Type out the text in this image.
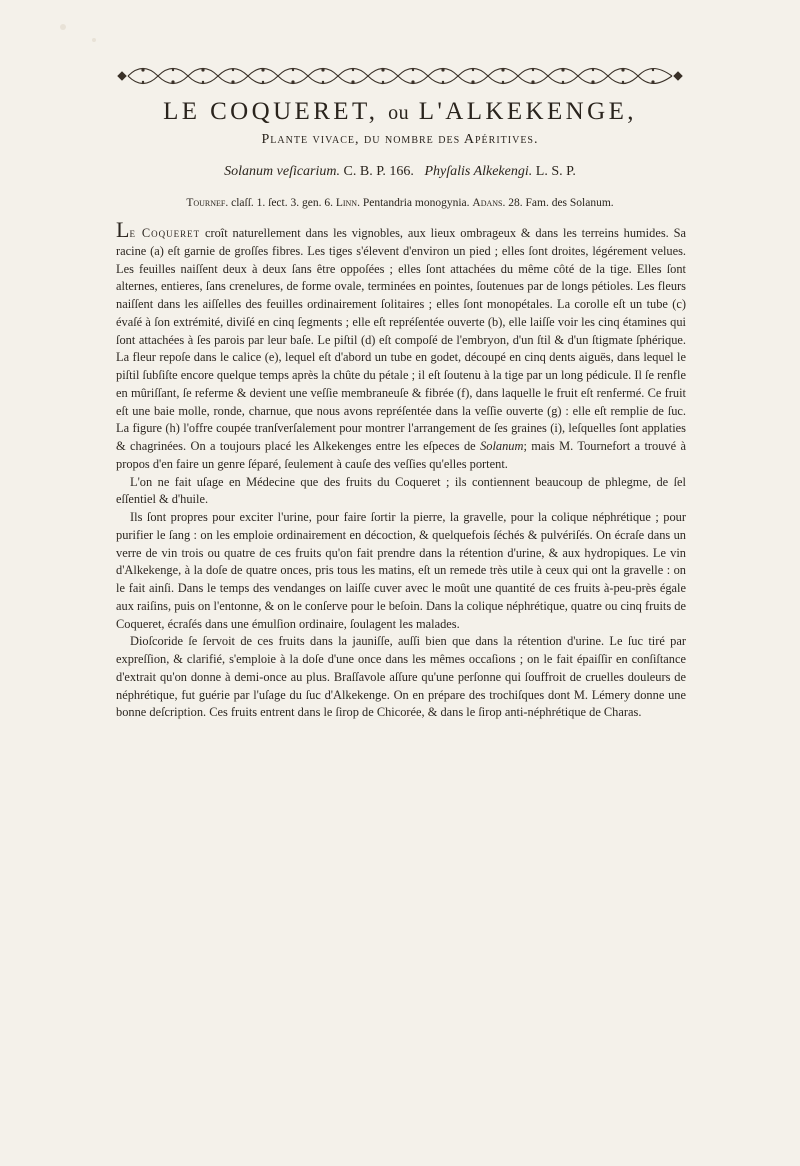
LE COQUERET, ou L'ALKEKENGE,
Plante vivace, du nombre des Apéritives.
Solanum veſicarium. C. B. P. 166. Phyſalis Alkekengi. L. S. P.
Tournef. claſſ. 1. ſect. 3. gen. 6. Linn. Pentandria monogynia. Adans. 28. Fam. des Solanum.

Le Coqueret croît naturellement dans les vignobles, aux lieux ombrageux & dans les terreins humides. Sa racine (a) eſt garnie de groſſes fibres. Les tiges s'élevent d'environ un pied ; elles ſont droites, légérement velues. Les feuilles naiſſent deux à deux ſans être oppoſées ; elles ſont attachées du même côté de la tige. Elles ſont alternes, entieres, ſans crenelures, de forme ovale, terminées en pointes, ſoutenues par de longs pétioles. Les fleurs naiſſent dans les aiſſelles des feuilles ordinairement ſolitaires ; elles ſont monopétales. La corolle eſt un tube (c) évaſé à ſon extrémité, diviſé en cinq ſegments ; elle eſt repréſentée ouverte (b), elle laiſſe voir les cinq étamines qui ſont attachées à ſes parois par leur baſe. Le piſtil (d) eſt compoſé de l'embryon, d'un ſtil & d'un ſtigmate ſphérique. La fleur repoſe dans le calice (e), lequel eſt d'abord un tube en godet, découpé en cinq dents aiguës, dans lequel le piſtil ſubſiſte encore quelque temps après la chûte du pétale ; il eſt ſoutenu à la tige par un long pédicule. Il ſe renfle en mûriſſant, ſe referme & devient une veſſie membraneuſe & fibrée (f), dans laquelle le fruit eſt renfermé. Ce fruit eſt une baie molle, ronde, charnue, que nous avons repréſentée dans la veſſie ouverte (g) : elle eſt remplie de ſuc. La figure (h) l'offre coupée tranſverſalement pour montrer l'arrangement de ſes graines (i), leſquelles ſont applaties & chagrinées. On a toujours placé les Alkekenges entre les eſpeces de Solanum; mais M. Tournefort a trouvé à propos d'en faire un genre ſéparé, ſeulement à cauſe des veſſies qu'elles portent.

L'on ne fait uſage en Médecine que des fruits du Coqueret ; ils contiennent beaucoup de phlegme, de ſel eſſentiel & d'huile.

Ils ſont propres pour exciter l'urine, pour faire ſortir la pierre, la gravelle, pour la colique néphrétique ; pour purifier le ſang : on les emploie ordinairement en décoction, & quelquefois ſéchés & pulvériſés. On écraſe dans un verre de vin trois ou quatre de ces fruits qu'on fait prendre dans la rétention d'urine, & aux hydropiques. Le vin d'Alkekenge, à la doſe de quatre onces, pris tous les matins, eſt un remede très utile à ceux qui ont la gravelle : on le fait ainſi. Dans le temps des vendanges on laiſſe cuver avec le moût une quantité de ces fruits à-peu-près égale aux raiſins, puis on l'entonne, & on le conſerve pour le beſoin. Dans la colique néphrétique, quatre ou cinq fruits de Coqueret, écraſés dans une émulſion ordinaire, ſoulagent les malades.

Dioſcoride ſe ſervoit de ces fruits dans la jauniſſe, auſſi bien que dans la rétention d'urine. Le ſuc tiré par expreſſion, & clarifié, s'emploie à la doſe d'une once dans les mêmes occaſions ; on le fait épaiſſir en conſiſtance d'extrait qu'on donne à demi-once au plus. Braſſavole aſſure qu'une perſonne qui ſouffroit de cruelles douleurs de néphrétique, fut guérie par l'uſage du ſuc d'Alkekenge. On en prépare des trochiſques dont M. Lémery donne une bonne deſcription. Ces fruits entrent dans le ſirop de Chicorée, & dans le ſirop anti-néphrétique de Charas.
